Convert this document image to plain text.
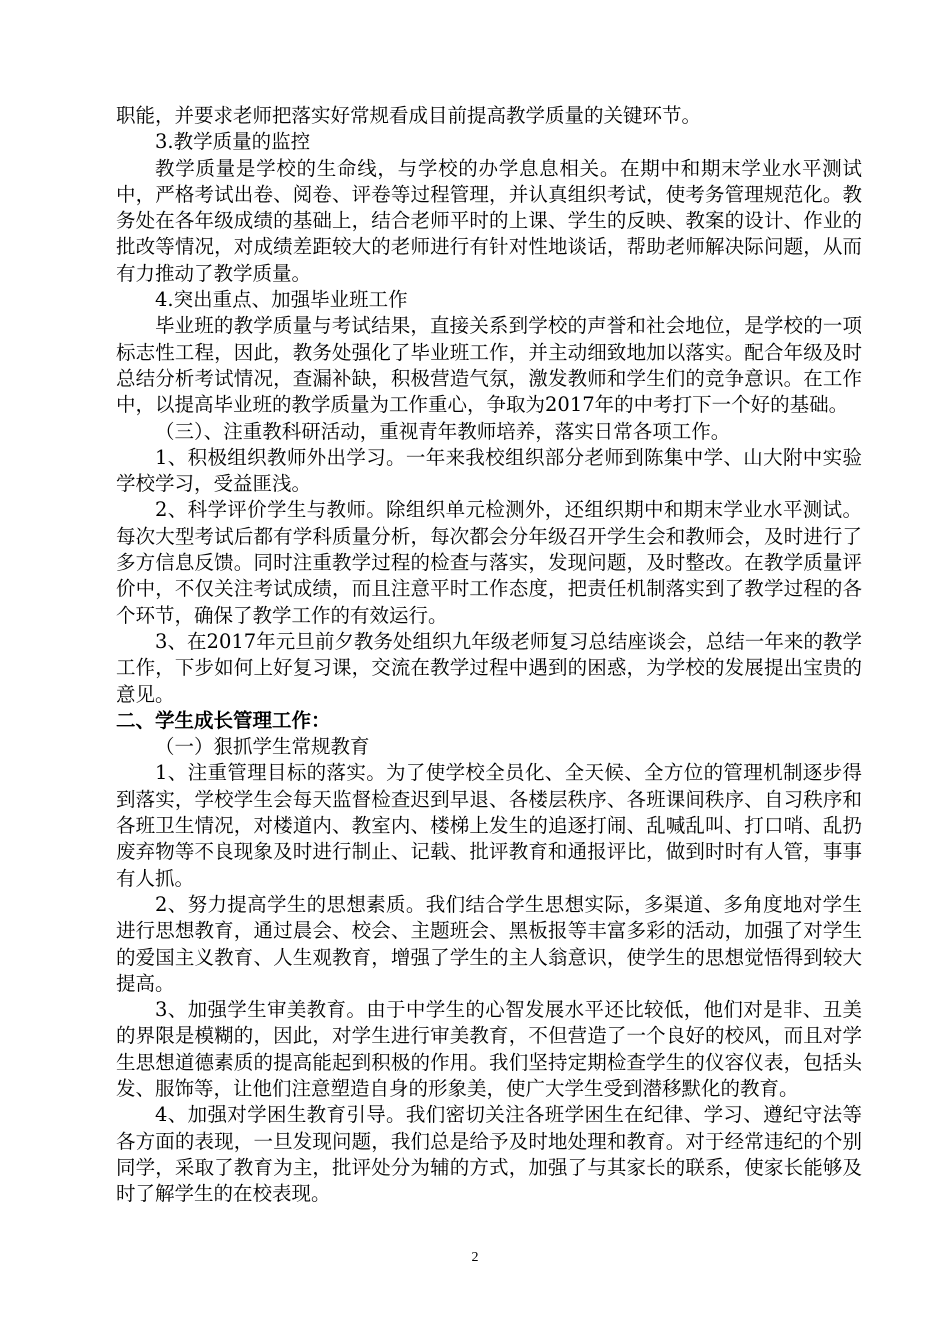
职能，并要求老师把落实好常规看成目前提高教学质量的关键环节。

3.教学质量的监控

教学质量是学校的生命线，与学校的办学息息相关。在期中和期末学业水平测试中，严格考试出卷、阅卷、评卷等过程管理，并认真组织考试，使考务管理规范化。教务处在各年级成绩的基础上，结合老师平时的上课、学生的反映、教案的设计、作业的批改等情况，对成绩差距较大的老师进行有针对性地谈话，帮助老师解决际问题，从而有力推动了教学质量。

4.突出重点、加强毕业班工作

毕业班的教学质量与考试结果，直接关系到学校的声誉和社会地位，是学校的一项标志性工程，因此，教务处强化了毕业班工作，并主动细致地加以落实。配合年级及时总结分析考试情况，查漏补缺，积极营造气氛，激发教师和学生们的竞争意识。在工作中，以提高毕业班的教学质量为工作重心，争取为2017年的中考打下一个好的基础。

（三）、注重教科研活动，重视青年教师培养，落实日常各项工作。

1、积极组织教师外出学习。一年来我校组织部分老师到陈集中学、山大附中实验学校学习，受益匪浅。

2、科学评价学生与教师。除组织单元检测外，还组织期中和期末学业水平测试。每次大型考试后都有学科质量分析，每次都会分年级召开学生会和教师会，及时进行了多方信息反馈。同时注重教学过程的检查与落实，发现问题，及时整改。在教学质量评价中，不仅关注考试成绩，而且注意平时工作态度，把责任机制落实到了教学过程的各个环节，确保了教学工作的有效运行。

3、在2017年元旦前夕教务处组织九年级老师复习总结座谈会，总结一年来的教学工作，下步如何上好复习课，交流在教学过程中遇到的困惑，为学校的发展提出宝贵的意见。

二、学生成长管理工作：

（一）狠抓学生常规教育

1、注重管理目标的落实。为了使学校全员化、全天候、全方位的管理机制逐步得到落实，学校学生会每天监督检查迟到早退、各楼层秩序、各班课间秩序、自习秩序和各班卫生情况，对楼道内、教室内、楼梯上发生的追逐打闹、乱喊乱叫、打口哨、乱扔废弃物等不良现象及时进行制止、记载、批评教育和通报评比，做到时时有人管，事事有人抓。

2、努力提高学生的思想素质。我们结合学生思想实际，多渠道、多角度地对学生进行思想教育，通过晨会、校会、主题班会、黑板报等丰富多彩的活动，加强了对学生的爱国主义教育、人生观教育，增强了学生的主人翁意识，使学生的思想觉悟得到较大提高。

3、加强学生审美教育。由于中学生的心智发展水平还比较低，他们对是非、丑美的界限是模糊的，因此，对学生进行审美教育，不但营造了一个良好的校风，而且对学生思想道德素质的提高能起到积极的作用。我们坚持定期检查学生的仪容仪表，包括头发、服饰等，让他们注意塑造自身的形象美，使广大学生受到潜移默化的教育。

4、加强对学困生教育引导。我们密切关注各班学困生在纪律、学习、遵纪守法等各方面的表现，一旦发现问题，我们总是给予及时地处理和教育。对于经常违纪的个别同学，采取了教育为主，批评处分为辅的方式，加强了与其家长的联系，使家长能够及时了解学生的在校表现。

2
